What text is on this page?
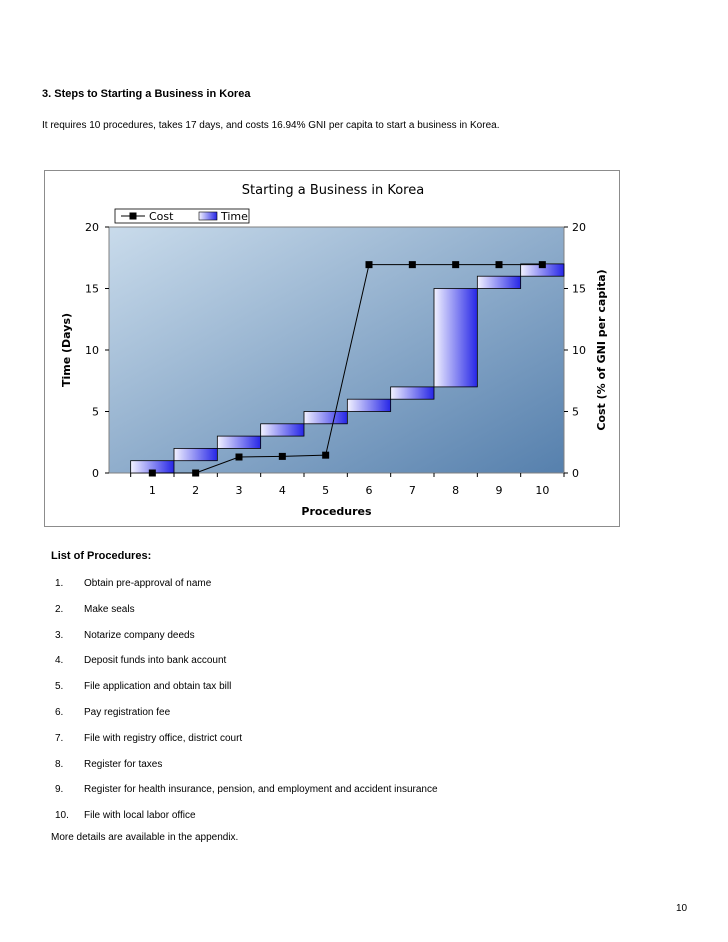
3. Steps to Starting a Business in Korea

It requires 10 procedures, takes 17 days, and costs 16.94% GNI per capita to start a business in Korea.

Starting a Business in Korea
0
5
10
15
20
0
5
10
15
20
1	2	3	4	5	6	7	8	9	10
Procedures
Time (Days)	Cost (% of GNI per capita)
Cost	Time
List of Procedures:
1. Obtain pre-approval of name
2. Make seals
3. Notarize company deeds
4. Deposit funds into bank account
5. File application and obtain tax bill
6. Pay registration fee
7. File with registry office, district court
8. Register for taxes
9. Register for health insurance, pension, and employment and accident insurance
10. File with local labor office

More details are available in the appendix.

10
